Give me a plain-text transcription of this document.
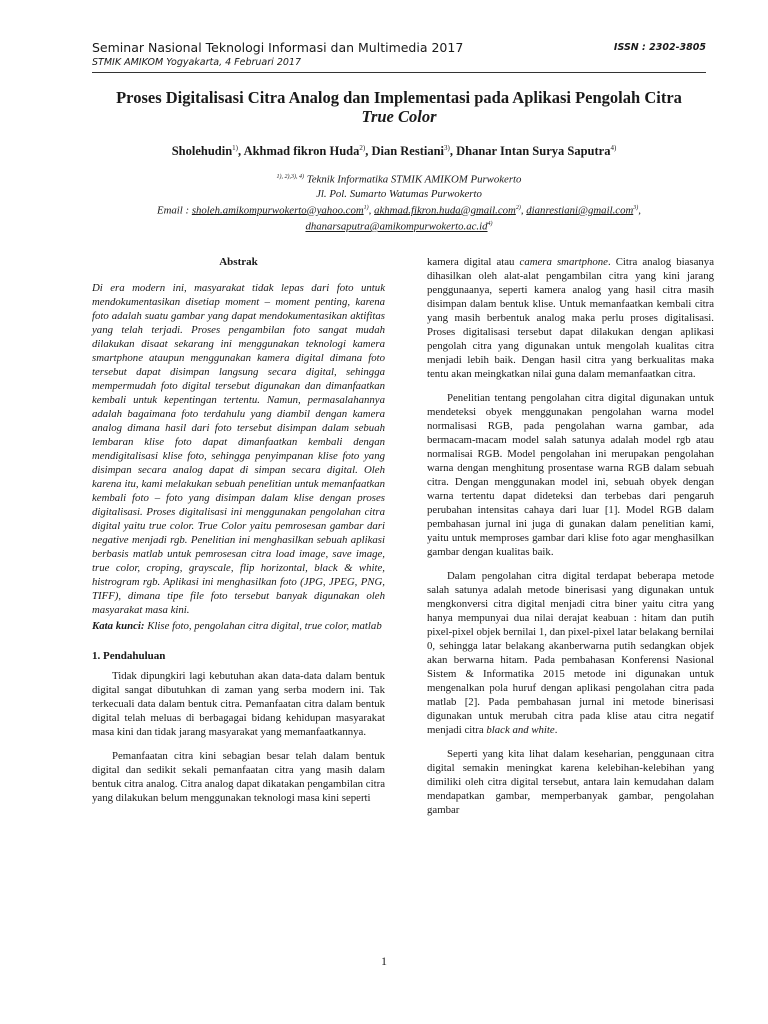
Seminar Nasional Teknologi Informasi dan Multimedia 2017	ISSN : 2302-3805
STMIK AMIKOM Yogyakarta, 4 Februari 2017
Proses Digitalisasi Citra Analog dan Implementasi pada Aplikasi Pengolah Citra
True Color
Sholehudin$^{1)}$, Akhmad fikron Huda$^{2)}$, Dian Restiani$^{3)}$, Dhanar Intan Surya Saputra$^{4)}$
$^{1), 2),3), 4)}$ Teknik Informatika STMIK AMIKOM Purwokerto
Jl. Pol. Sumarto Watumas Purwokerto
Email : sholeh.amikompurwokerto@yahoo.com$^{1)}$, akhmad.fikron.huda@gmail.com$^{2)}$, dianrestiani@gmail.com$^{3)}$,
$dhanarsaputra@amikompurwokerto.ac.id^{4)}$
Abstrak
Di era modern ini, masyarakat tidak lepas dari foto untuk mendokumentasikan disetiap moment – moment penting, karena foto adalah suatu gambar yang dapat mendokumentasikan aktifitas yang telah terjadi. Proses pengambilan foto sangat mudah dilakukan disaat sekarang ini menggunakan teknologi kamera smartphone ataupun menggunakan kamera digital dimana foto tersebut dapat disimpan langsung secara digital, sehingga mempermudah foto digital tersebut digunakan dan dimanfaatkan kembali untuk kepentingan tertentu. Namun, permasalahannya adalah bagaimana foto terdahulu yang diambil dengan kamera analog dimana hasil dari foto tersebut disimpan dalam sebuah lembaran klise foto dapat dimanfaatkan kembali dengan mendigitalisasi klise foto, sehingga penyimpanan klise foto yang disimpan secara analog dapat di simpan secara digital. Oleh karena itu, kami melakukan sebuah penelitian untuk memanfaatkan kembali foto – foto yang disimpan dalam klise dengan proses digitalisasi. Proses digitalisasi ini menggunakan pengolahan citra digital yaitu true color. True Color yaitu pemrosesan gambar dari negative menjadi rgb. Penelitian ini menghasilkan sebuah aplikasi berbasis matlab untuk pemrosesan citra load image, save image, true color, croping, grayscale, flip horizontal, black & white, histrogram rgb. Aplikasi ini menghasilkan foto (JPG, JPEG, PNG, TIFF), dimana tipe file foto tersebut banyak digunakan oleh masyarakat masa kini.
Kata kunci: Klise foto, pengolahan citra digital, true color, matlab
1. Pendahuluan
Tidak dipungkiri lagi kebutuhan akan data-data dalam bentuk digital sangat dibutuhkan di zaman yang serba modern ini. Tak terkecuali data dalam bentuk citra. Pemanfaatan citra dalam bentuk digital telah meluas di berbagagai bidang kehidupan masyarakat masa kini dan tidak jarang masyarakat yang memanfaatkannya.
Pemanfaatan citra kini sebagian besar telah dalam bentuk digital dan sedikit sekali pemanfaatan citra yang masih dalam bentuk citra analog. Citra analog dapat dikatakan pengambilan citra yang dilakukan belum menggunakan teknologi masa kini seperti
kamera digital atau camera smartphone. Citra analog biasanya dihasilkan oleh alat-alat pengambilan citra yang kini jarang penggunaanya, seperti kamera analog yang hasil citra masih disimpan dalam bentuk klise. Untuk memanfaatkan kembali citra yang masih berbentuk analog maka perlu proses digitalisasi. Proses digitalisasi tersebut dapat dilakukan dengan aplikasi pengolah citra yang digunakan untuk mengolah kualitas citra menjadi lebih baik. Dengan hasil citra yang berkualitas maka tentu akan meingkatkan nilai guna dalam memanfaatkan citra.
Penelitian tentang pengolahan citra digital digunakan untuk mendeteksi obyek menggunakan pengolahan warna model normalisasi RGB, pada pengolahan warna gambar, ada bermacam-macam model salah satunya adalah model rgb atau normalisai RGB. Model pengolahan ini merupakan pengolahan warna dengan menghitung prosentase warna RGB dalam sebuah citra. Dengan menggunakan model ini, sebuah obyek dengan warna tertentu dapat dideteksi dan terbebas dari pengaruh perubahan intensitas cahaya dari luar [1]. Model RGB dalam pembahasan jurnal ini juga di gunakan dalam penelitian kami, yaitu untuk memproses gambar dari klise foto agar menghasilkan gambar dengan kualitas baik.
Dalam pengolahan citra digital terdapat beberapa metode salah satunya adalah metode binerisasi yang digunakan untuk mengkonversi citra digital menjadi citra biner yaitu citra yang hanya mempunyai dua nilai derajat keabuan : hitam dan putih pixel-pixel objek bernilai 1, dan pixel-pixel latar belakang bernilai 0, sehingga latar belakang akanberwarna putih sedangkan objek akan berwarna hitam. Pada pembahasan Konferensi Nasional Sistem & Informatika 2015 metode ini digunakan untuk mengenalkan pola huruf dengan aplikasi pengolahan citra pada matlab [2]. Pada pembahasan jurnal ini metode binerisasi digunakan untuk merubah citra pada klise atau citra negatif menjadi citra black and white.
Seperti yang kita lihat dalam keseharian, penggunaan citra digital semakin meningkat karena kelebihan-kelebihan yang dimiliki oleh citra digital tersebut, antara lain kemudahan dalam mendapatkan gambar, memperbanyak gambar, pengolahan gambar
1
